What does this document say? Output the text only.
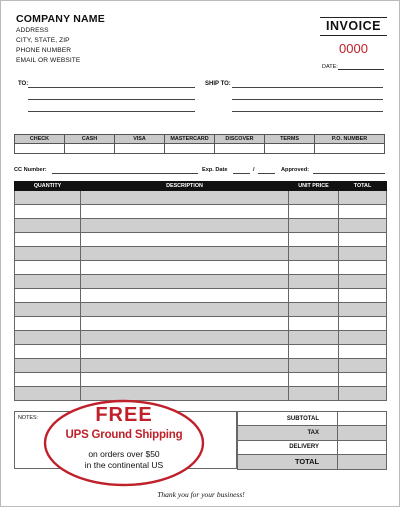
COMPANY NAME
ADDRESS
CITY, STATE, ZIP
PHONE NUMBER
EMAIL OR WEBSITE
INVOICE
0000
DATE:
TO:	SHIP TO:
CHECK	CASH	VISA	MASTERCARD	DISCOVER	TERMS	P.O. NUMBER

CC Number:	Exp. Date	/	Approved:
QUANTITY	DESCRIPTION	UNIT PRICE	TOTAL

NOTES:	SUBTOTAL	
TAX	
DELIVERY	
TOTAL	
FREE
UPS Ground Shipping
on orders over $50
in the continental US
Thank you for your business!
